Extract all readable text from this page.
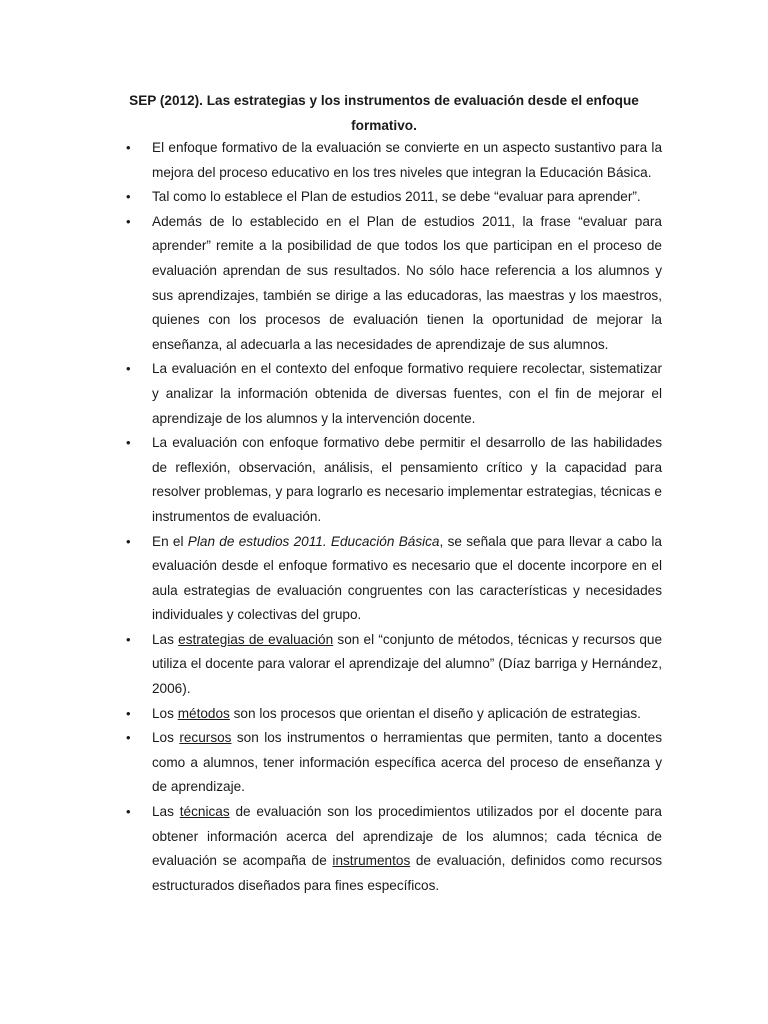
SEP (2012). Las estrategias y los instrumentos de evaluación desde el enfoque formativo.

• El enfoque formativo de la evaluación se convierte en un aspecto sustantivo para la mejora del proceso educativo en los tres niveles que integran la Educación Básica.
• Tal como lo establece el Plan de estudios 2011, se debe “evaluar para aprender”.
• Además de lo establecido en el Plan de estudios 2011, la frase “evaluar para aprender” remite a la posibilidad de que todos los que participan en el proceso de evaluación aprendan de sus resultados. No sólo hace referencia a los alumnos y sus aprendizajes, también se dirige a las educadoras, las maestras y los maestros, quienes con los procesos de evaluación tienen la oportunidad de mejorar la enseñanza, al adecuarla a las necesidades de aprendizaje de sus alumnos.
• La evaluación en el contexto del enfoque formativo requiere recolectar, sistematizar y analizar la información obtenida de diversas fuentes, con el fin de mejorar el aprendizaje de los alumnos y la intervención docente.
• La evaluación con enfoque formativo debe permitir el desarrollo de las habilidades de reflexión, observación, análisis, el pensamiento crítico y la capacidad para resolver problemas, y para lograrlo es necesario implementar estrategias, técnicas e instrumentos de evaluación.
• En el Plan de estudios 2011. Educación Básica, se señala que para llevar a cabo la evaluación desde el enfoque formativo es necesario que el docente incorpore en el aula estrategias de evaluación congruentes con las características y necesidades individuales y colectivas del grupo.
• Las estrategias de evaluación son el “conjunto de métodos, técnicas y recursos que utiliza el docente para valorar el aprendizaje del alumno” (Díaz barriga y Hernández, 2006).
• Los métodos son los procesos que orientan el diseño y aplicación de estrategias.
• Los recursos son los instrumentos o herramientas que permiten, tanto a docentes como a alumnos, tener información específica acerca del proceso de enseñanza y de aprendizaje.
• Las técnicas de evaluación son los procedimientos utilizados por el docente para obtener información acerca del aprendizaje de los alumnos; cada técnica de evaluación se acompaña de instrumentos de evaluación, definidos como recursos estructurados diseñados para fines específicos.
